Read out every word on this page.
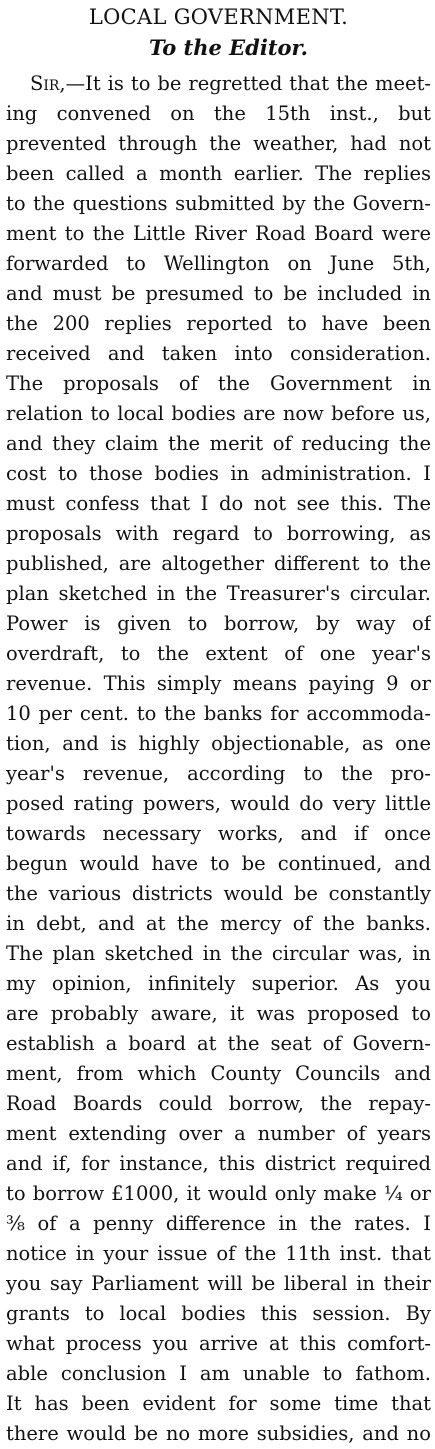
LOCAL GOVERNMENT.
To the Editor.
Sir,—It is to be regretted that the meet-
ing convened on the 15th inst., but
prevented through the weather, had not
been called a month earlier. The replies
to the questions submitted by the Govern-
ment to the Little River Road Board were
forwarded to Wellington on June 5th,
and must be presumed to be included in
the 200 replies reported to have been
received and taken into consideration.
The proposals of the Government in
relation to local bodies are now before us,
and they claim the merit of reducing the
cost to those bodies in administration. I
must confess that I do not see this. The
proposals with regard to borrowing, as
published, are altogether different to the
plan sketched in the Treasurer's circular.
Power is given to borrow, by way of
overdraft, to the extent of one year's
revenue. This simply means paying 9 or
10 per cent. to the banks for accommoda-
tion, and is highly objectionable, as one
year's revenue, according to the pro-
posed rating powers, would do very little
towards necessary works, and if once
begun would have to be continued, and
the various districts would be constantly
in debt, and at the mercy of the banks.
The plan sketched in the circular was, in
my opinion, infinitely superior. As you
are probably aware, it was proposed to
establish a board at the seat of Govern-
ment, from which County Councils and
Road Boards could borrow, the repay-
ment extending over a number of years
and if, for instance, this district required
to borrow £1000, it would only make ¼ or
⅜ of a penny difference in the rates. I
notice in your issue of the 11th inst. that
you say Parliament will be liberal in their
grants to local bodies this session. By
what process you arrive at this comfort-
able conclusion I am unable to fathom.
It has been evident for some time that
there would be no more subsidies, and no
